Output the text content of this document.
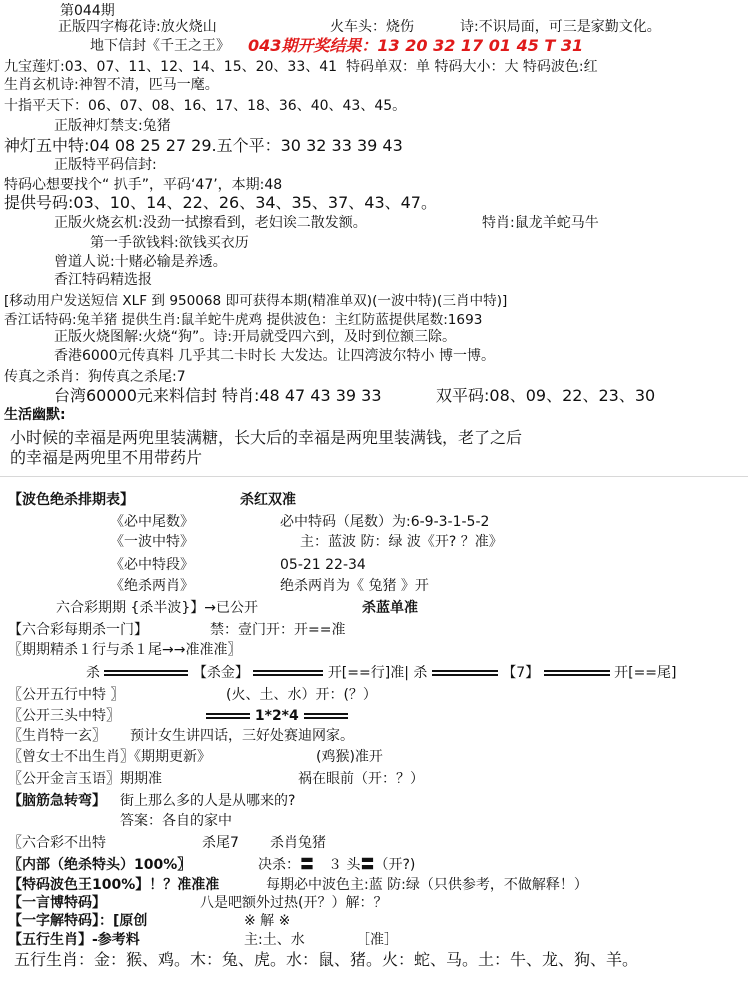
第044期
正版四字梅花诗:放火烧山	火车头：烧伤	诗:不识局面，可三是家勤文化。
地下信封《千王之王》 043期开奖结果：13 20 32 17 01 45 T 31
九宝莲灯:03、07、11、12、14、15、20、33、41 特码单双：单 特码大小：大 特码波色:红
生肖玄机诗:神智不清，匹马一麾。
十指平天下：06、07、08、16、17、18、36、40、43、45。
正版神灯禁支:兔猪
神灯五中特:04 08 25 27 29.五个平：30 32 33 39 43
正版特平码信封:
特码心想要找个“ 扒手”，平码‘47’，本期:48
提供号码:03、10、14、22、26、34、35、37、43、47。
正版火烧玄机:没劲一拭擦看到，老妇诶二散发额。	特肖:鼠龙羊蛇马牛
第一手欲钱料:欲钱买衣历
曾道人说:十赌必输是养透。
香江特码精选报
[移动用户发送短信 XLF 到 950068 即可获得本期(精准单双)(一波中特)(三肖中特)]
香江话特码:兔羊猪 提供生肖:鼠羊蛇牛虎鸡 提供波色：主红防蓝提供尾数:1693
正版火烧图解:火烧“狗”。诗:开局就受四六到，及时到位额三除。
香港6000元传真料 几乎其二卡时长 大发达。让四湾波尔特小 博一博。
传真之杀肖：狗传真之杀尾:7
台湾60000元来料信封 特肖:48 47 43 39 33	双平码:08、09、22、23、30
生活幽默:
小时候的幸福是两兜里装满糖，长大后的幸福是两兜里装满钱，老了之后
的幸福是两兜里不用带药片
【波色绝杀排期表】	杀红双准
《必中尾数》	必中特码（尾数）为:6-9-3-1-5-2
《一波中特》	主：蓝波 防：绿 波《开? ？准》
《必中特段》	05-21 22-34
《绝杀两肖》	绝杀两肖为《 兔猪 》开
六合彩期期 {杀半波}】→已公开	杀蓝单准
【六合彩每期杀一门】	禁：壹门开：开==准
〖期期精杀１行与杀１尾→→准准准〗
杀	【杀金】	开[==行]准| 杀	【7】	开[==尾]
〖公开五行中特 〗	(火、土、水）开：(？）
〖公开三头中特〗	1*2*4
〖生肖特一玄〗 预计女生讲四话，三好处赛迪网家。
〖曾女士不出生肖〗《期期更新》	(鸡猴)准开
〖公开金言玉语〗期期准	祸在眼前（开：？）
【脑筋急转弯】 街上那么多的人是从哪来的?
答案：各自的家中
〖六合彩不出特	杀尾7 杀肖兔猪
〖内部（绝杀特头）100%〗	决杀：〓　３ 头〓（开?)
【特码波色王100%】！？准准准	每期必中波色主:蓝 防:绿（只供参考，不做解释！）
【一言博特码】	八是吧额外过热(开？）解：？
【一字解特码】：[原创	※ 解 ※
【五行生肖】-参考料	主:土、水	［准］
五行生肖：金：猴、鸡。木：兔、虎。水：鼠、猪。火：蛇、马。土：牛、龙、狗、羊。
